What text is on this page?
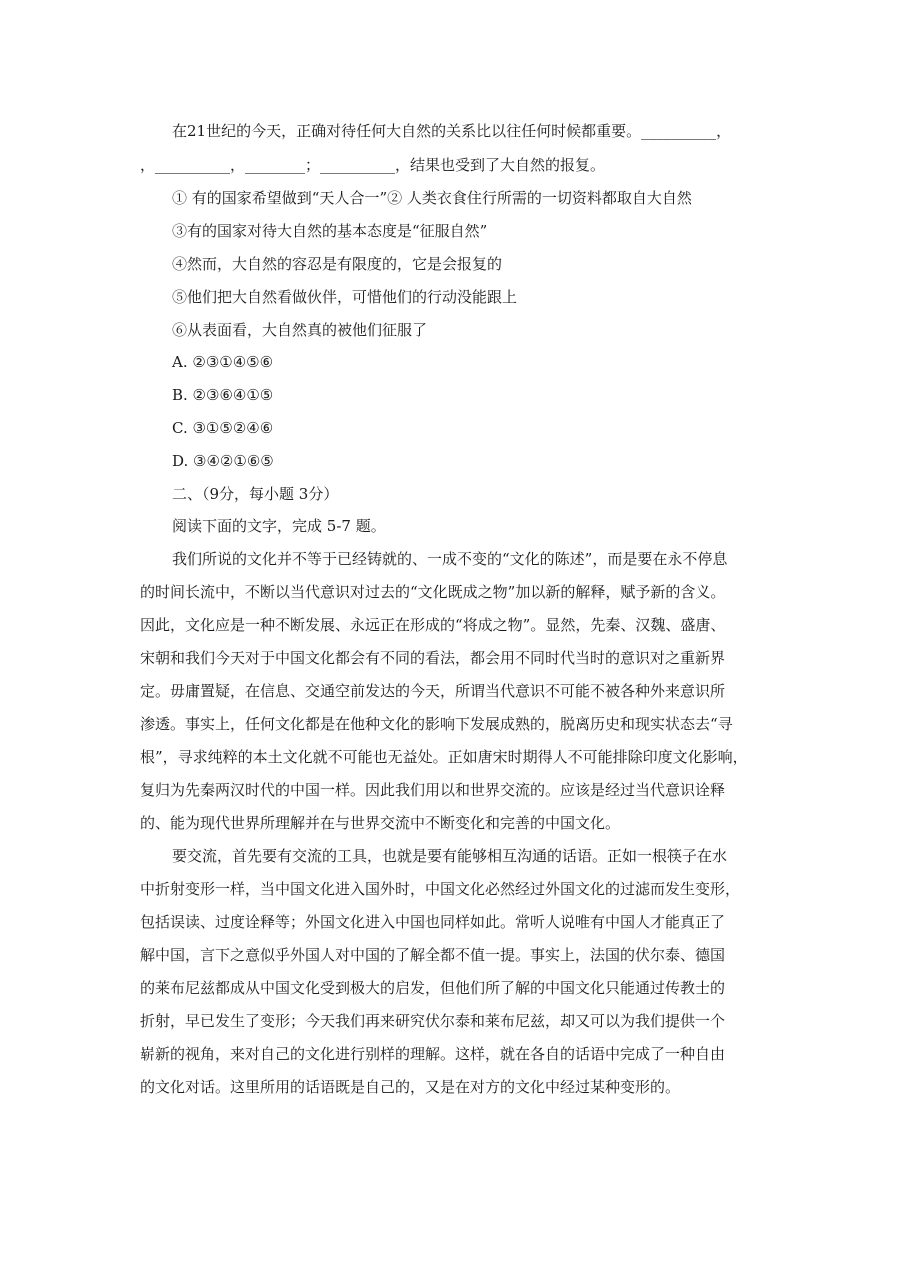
在21世纪的今天，正确对待任何大自然的关系比以往任何时候都重要。__________，
，__________，________；__________，结果也受到了大自然的报复。
① 有的国家希望做到“天人合一”② 人类衣食住行所需的一切资料都取自大自然
③有的国家对待大自然的基本态度是“征服自然”
④然而，大自然的容忍是有限度的，它是会报复的
⑤他们把大自然看做伙伴，可惜他们的行动没能跟上
⑥从表面看，大自然真的被他们征服了
A. ②③①④⑤⑥
B. ②③⑥④①⑤
C. ③①⑤②④⑥
D. ③④②①⑥⑤
二、（9分，每小题 3分）
阅读下面的文字，完成 5-7 题。
我们所说的文化并不等于已经铸就的、一成不变的“文化的陈述”，而是要在永不停息
的时间长流中，不断以当代意识对过去的“文化既成之物”加以新的解释，赋予新的含义。
因此，文化应是一种不断发展、永远正在形成的“将成之物”。显然，先秦、汉魏、盛唐、
宋朝和我们今天对于中国文化都会有不同的看法，都会用不同时代当时的意识对之重新界
定。毋庸置疑，在信息、交通空前发达的今天，所谓当代意识不可能不被各种外来意识所
渗透。事实上，任何文化都是在他种文化的影响下发展成熟的，脱离历史和现实状态去“寻
根”，寻求纯粹的本土文化就不可能也无益处。正如唐宋时期得人不可能排除印度文化影响，
复归为先秦两汉时代的中国一样。因此我们用以和世界交流的。应该是经过当代意识诠释
的、能为现代世界所理解并在与世界交流中不断变化和完善的中国文化。
要交流，首先要有交流的工具，也就是要有能够相互沟通的话语。正如一根筷子在水
中折射变形一样，当中国文化进入国外时，中国文化必然经过外国文化的过滤而发生变形，
包括误读、过度诠释等；外国文化进入中国也同样如此。常听人说唯有中国人才能真正了
解中国，言下之意似乎外国人对中国的了解全都不值一提。事实上，法国的伏尔泰、德国
的莱布尼兹都成从中国文化受到极大的启发，但他们所了解的中国文化只能通过传教士的
折射，早已发生了变形；今天我们再来研究伏尔泰和莱布尼兹，却又可以为我们提供一个
崭新的视角，来对自己的文化进行别样的理解。这样，就在各自的话语中完成了一种自由
的文化对话。这里所用的话语既是自己的，又是在对方的文化中经过某种变形的。
